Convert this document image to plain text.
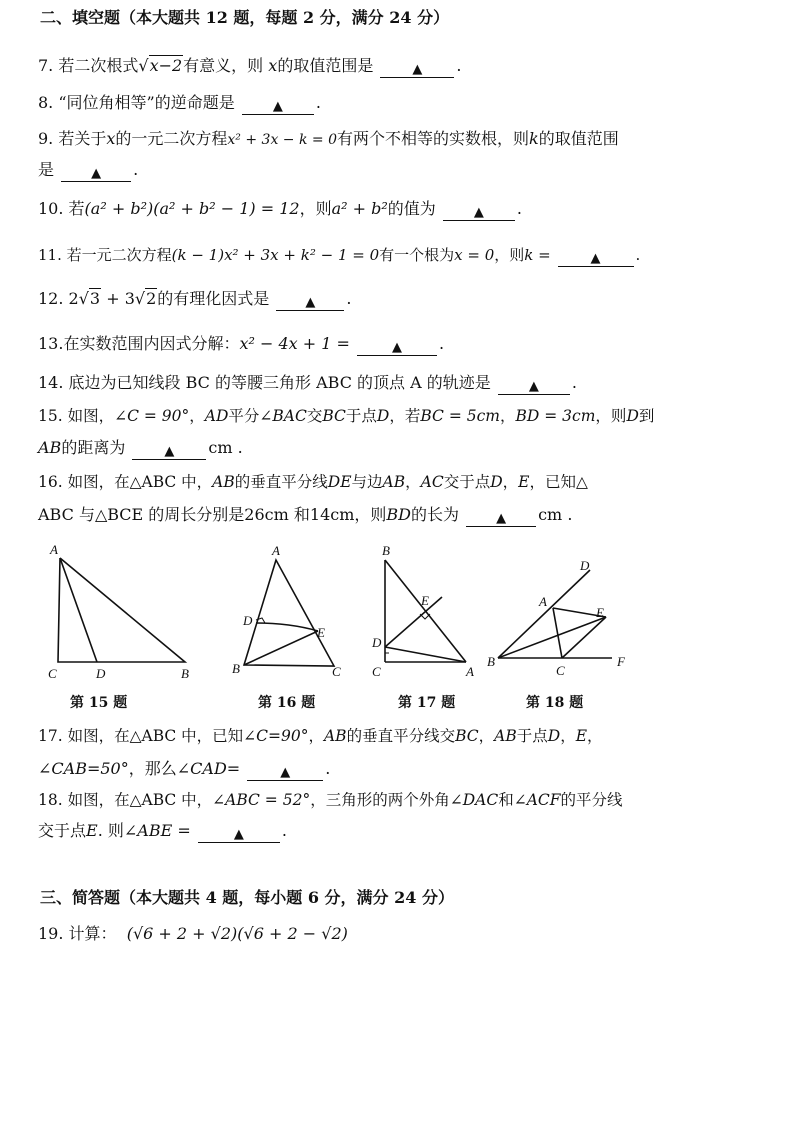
二、填空题（本大题共 12 题，每题 2 分，满分 24 分）
7. 若二次根式√x−2有意义，则 x的取值范围是	▲ .
8. “同位角相等”的逆命题是	▲ .
9. 若关于x的一元二次方程x² + 3x − k = 0有两个不相等的实数根，则k的取值范围
是	▲ .
10. 若(a² + b²)(a² + b² − 1) = 12，则a² + b²的值为	▲ .
11. 若一元二次方程(k − 1)x² + 3x + k² − 1 = 0有一个根为x = 0，则k =	▲ .
12. 2√3 + 3√2的有理化因式是	▲ .
13.在实数范围内因式分解：x² − 4x + 1 =	▲ .
14. 底边为已知线段 BC 的等腰三角形 ABC 的顶点 A 的轨迹是	▲ .
15. 如图，∠C = 90°，AD平分∠BAC交BC于点D，若BC = 5cm，BD = 3cm，则D到
AB的距离为	▲ cm .
16. 如图，在△ABC 中，AB的垂直平分线DE与边AB，AC交于点D，E，已知△
ABC 与△BCE 的周长分别是26cm 和14cm，则BD的长为	▲ cm .
A
C	D	B
A
D
E
B	C
B
E
D
C	A
D
A
E
B
C
F
第 15 题	第 16 题	第 17 题	第 18 题
17. 如图，在△ABC 中，已知∠C=90°，AB的垂直平分线交BC，AB于点D，E，
∠CAB=50°，那么∠CAD=	▲ .
18. 如图，在△ABC 中，∠ABC = 52°，三角形的两个外角∠DAC和∠ACF的平分线
交于点E. 则∠ABE =	▲ .
三、简答题（本大题共 4 题，每小题 6 分，满分 24 分）
19. 计算： (√6 + 2 + √2)(√6 + 2 − √2)
